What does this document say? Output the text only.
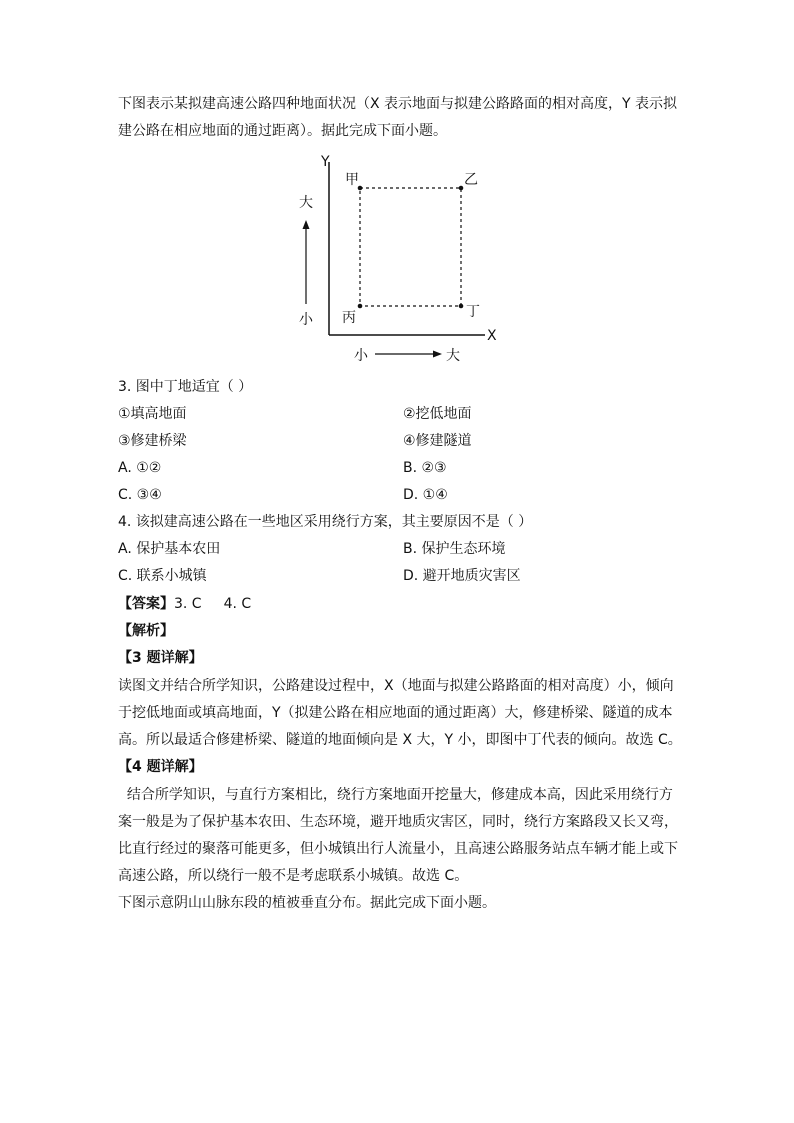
下图表示某拟建高速公路四种地面状况（X 表示地面与拟建公路路面的相对高度，Y 表示拟
建公路在相应地面的通过距离）。据此完成下面小题。
Y
X
大
小
小	大
甲	乙
丙	丁
3. 图中丁地适宜（ ）
①填高地面	②挖低地面
③修建桥梁	④修建隧道
A. ①②	B. ②③
C. ③④	D. ①④
4. 该拟建高速公路在一些地区采用绕行方案，其主要原因不是（ ）
A. 保护基本农田	B. 保护生态环境
C. 联系小城镇	D. 避开地质灾害区
【答案】3. C 4. C
【解析】
【3 题详解】
读图文并结合所学知识，公路建设过程中，X（地面与拟建公路路面的相对高度）小，倾向
于挖低地面或填高地面，Y（拟建公路在相应地面的通过距离）大，修建桥梁、隧道的成本
高。所以最适合修建桥梁、隧道的地面倾向是 X 大，Y 小，即图中丁代表的倾向。故选 C。
【4 题详解】
结合所学知识，与直行方案相比，绕行方案地面开挖量大，修建成本高，因此采用绕行方
案一般是为了保护基本农田、生态环境，避开地质灾害区，同时，绕行方案路段又长又弯，
比直行经过的聚落可能更多，但小城镇出行人流量小，且高速公路服务站点车辆才能上或下
高速公路，所以绕行一般不是考虑联系小城镇。故选 C。
下图示意阴山山脉东段的植被垂直分布。据此完成下面小题。
